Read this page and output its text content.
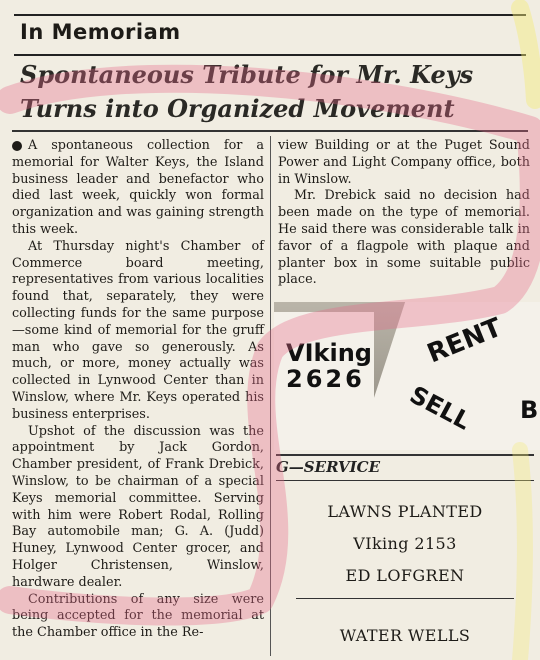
In Memoriam
Spontaneous Tribute for Mr. Keys
Turns into Organized Movement

A spontaneous collection for a memorial for Walter Keys, the Island business leader and benefactor who died last week, quickly won formal organization and was gaining strength this week.

At Thursday night's Chamber of Commerce board meeting, representatives from various localities found that, separately, they were collecting funds for the same purpose—some kind of memorial for the gruff man who gave so generously. As much, or more, money actually was collected in Lynwood Center than in Winslow, where Mr. Keys operated his business enterprises.

Upshot of the discussion was the appointment by Jack Gordon, Chamber president, of Frank Drebick, Winslow, to be chairman of a special Keys memorial committee. Serving with him were Robert Rodal, Rolling Bay automobile man; G. A. (Judd) Huney, Lynwood Center grocer, and Holger Christensen, Winslow, hardware dealer.

Contributions of any size were being accepted for the memorial at the Chamber office in the Re-

view Building or at the Puget Sound Power and Light Company office, both in Winslow.

Mr. Drebick said no decision had been made on the type of memorial. He said there was considerable talk in favor of a flagpole with plaque and planter box in some suitable public place.

VIking
2626
RENT
SELL B
G—SERVICE
LAWNS PLANTED
VIking 2153
ED LOFGREN
WATER WELLS
